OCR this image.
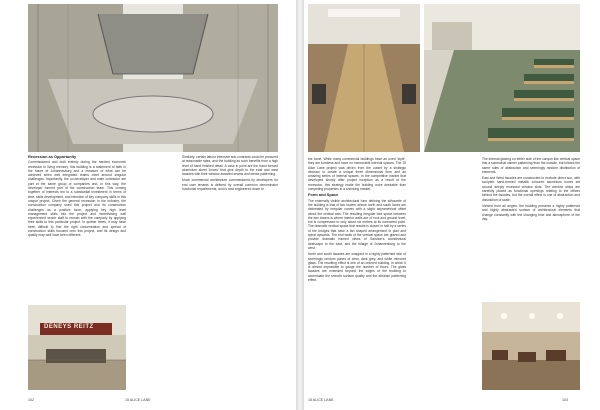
DENEYS REITZ
Recession as Opportunity

Commissioned and built entirely during the hardest economic recession in living memory, this building is a statement of faith in the future of Johannesburg and a measure of what can be achieved when well integrated teams meet around singular challenges. Importantly, the co-developer and main contractor are part of the same group of companies and, in this way, the developer formed part of the construction team. This coming together of interests led to a substantial investment in terms of time, skills development, and retention of key company skills in this unique project. Given the general recession in the industry, the construction company used this project and its construction challenges as a positive force, applying key high level management skills into the project and incentivising well experienced senior staff to remain with the company by applying their skills to this particular project. In quieter times, it may have been difficult to find the right concentration and spread of construction skills focused onto this project, and its design and quality may well have been different.

Similarly, certain labour intensive sub-contracts could be procured at reasonable rates, and the building as such benefits from a high level of hand finished detail. A case in point are the hand formed aluminium sheet 'boxes' that give depth to the east and west facades with their window assisted seams and dense patterning.

Much commercial architecture commissioned by developers for end user tenants is defined by overall common denominator functional requirements, and is cost engineered down to

102	15 ALICE LANE

the bone. While many commercial buildings have an overt 'style', they are formless and have no memorable internal spaces. The 15 Alice Lane project was driven from the outset by a strategic decision to create a unique three dimensional form and an amazing series of internal spaces. In the competitive market that developed shortly after project inception as a result of the recession, this strategy made the building more desirable than competing properties in a shrinking market.

Form and Space

The externally visible architectural form defining the silhouette of the building is that of two towers whose north and south faces are delineated by irregular curves with a slight asymmetrical offset about the vertical axis. The resulting irregular free space between the two towers is where interior walls are of rock and ground level, but is compressed to only about six metres at its narrowest point. The dramatic vertical space that results is closed in half by a series of tire bridges that have a fan shaped arrangement in plan and spiral upwards. The end walls of the vertical space are glazed and provide dramatic framed views of Sandton's architectural landscape to the east, and the foliage of Johannesburg to the west.

North and south facades are wrapped in a highly patterned skin of seemingly random panes of clear, dark grey, and white mirrored glass. The resulting effect is one of an ordered building, in which it is almost impossible to gauge the number of floors. The glass facades are extended beyond the edges of the building to accentuate the smooth surface quality and the abstract patterning effect.

The internal glazing on either side of the canyon like vertical space has a somewhat calmer patterning than the outside, but follows the same rules of abstraction and seemingly random distribution of elements.

East and West facades are constructed to exclude direct sun, with sculpted hand-formed metallic coloured aluminium boxes set around deeply recessed window slots. The window strips are carefully placed as functional openings relating to the offices behind the facades, but the overall effect is one of abstraction and dissolution of scale.

Viewed from all angles, the building presents a highly patterned and highly abstracted surface of architectural elements that change constantly with the changing time and atmosphere of the day.

15 ALICE LANE	103
